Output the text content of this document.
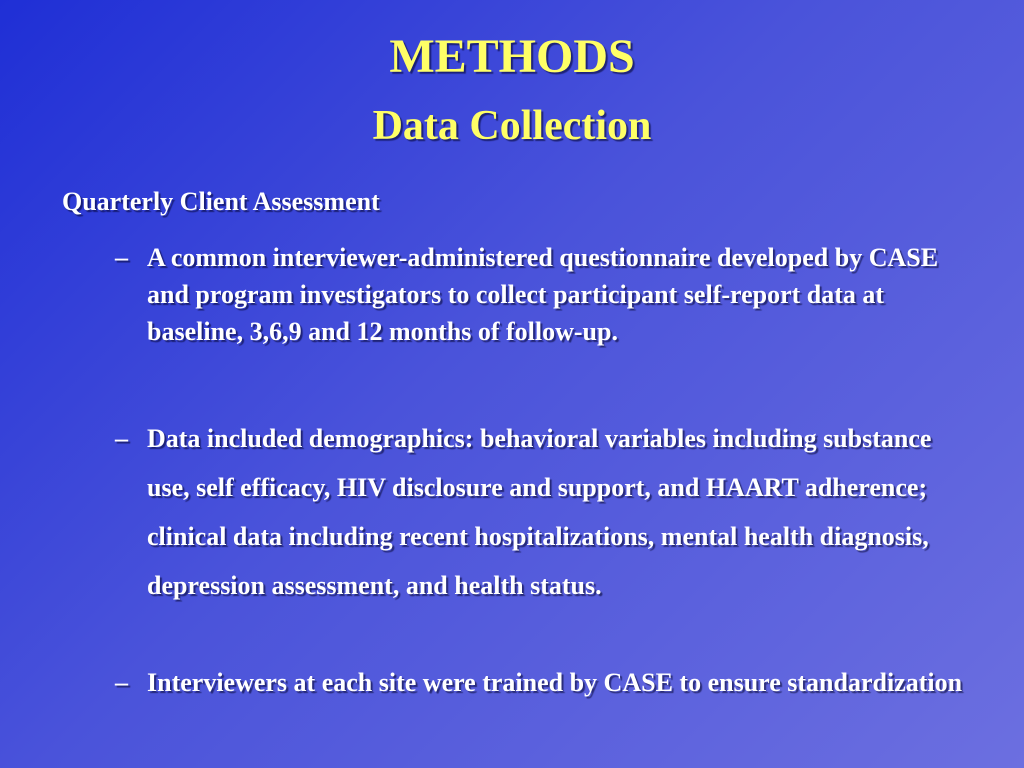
METHODS
Data Collection
Quarterly Client Assessment
– A common interviewer-administered questionnaire developed by CASE and program investigators to collect participant self-report data at baseline, 3,6,9 and 12 months of follow-up.
– Data included demographics: behavioral variables including substance use, self efficacy, HIV disclosure and support, and HAART adherence; clinical data including recent hospitalizations, mental health diagnosis, depression assessment, and health status.
– Interviewers at each site were trained by CASE to ensure standardization
